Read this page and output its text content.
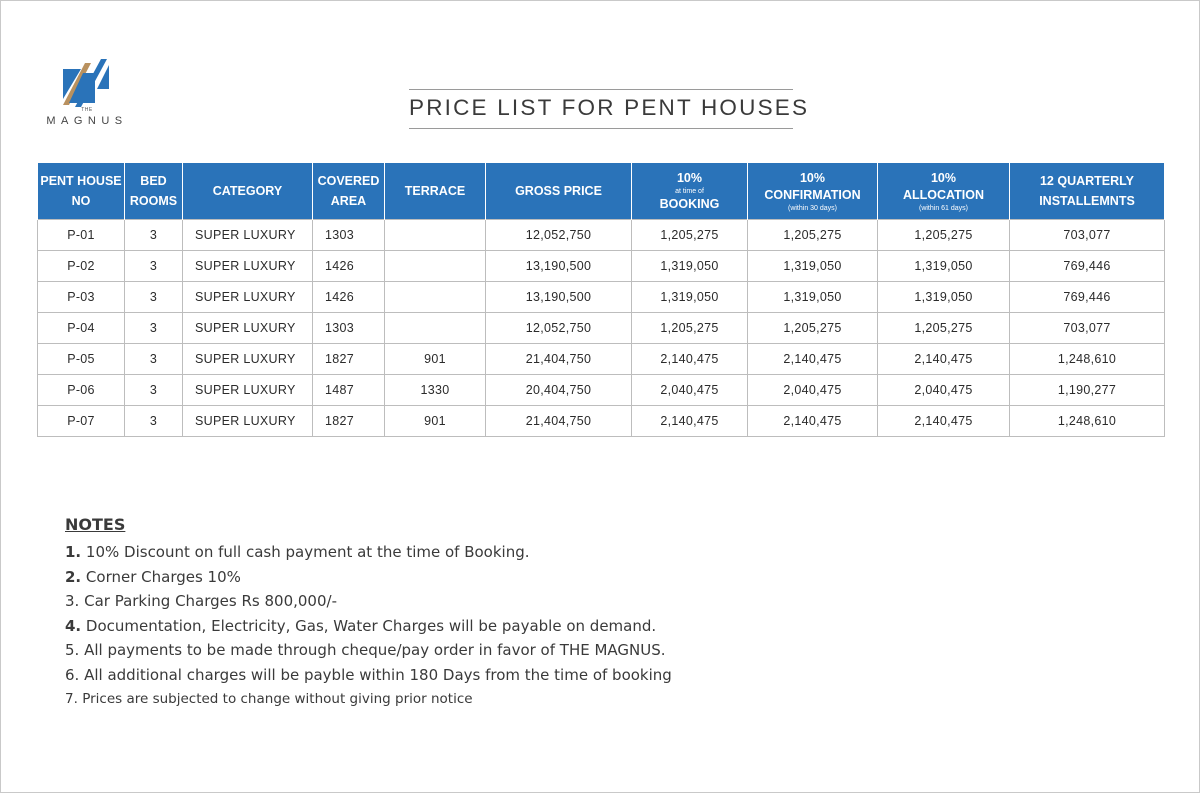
THE
MAGNUS
PRICE LIST FOR PENT HOUSES
PENT HOUSE NO	BED ROOMS	CATEGORY	COVERED AREA	TERRACE	GROSS PRICE	10%
at time of
BOOKING	10%
CONFIRMATION
(within 30 days)	10%
ALLOCATION
(within 61 days)	12 QUARTERLY INSTALLEMNTS
P-01	3	SUPER LUXURY	1303		12,052,750	1,205,275	1,205,275	1,205,275	703,077
P-02	3	SUPER LUXURY	1426		13,190,500	1,319,050	1,319,050	1,319,050	769,446
P-03	3	SUPER LUXURY	1426		13,190,500	1,319,050	1,319,050	1,319,050	769,446
P-04	3	SUPER LUXURY	1303		12,052,750	1,205,275	1,205,275	1,205,275	703,077
P-05	3	SUPER LUXURY	1827	901	21,404,750	2,140,475	2,140,475	2,140,475	1,248,610
P-06	3	SUPER LUXURY	1487	1330	20,404,750	2,040,475	2,040,475	2,040,475	1,190,277
P-07	3	SUPER LUXURY	1827	901	21,404,750	2,140,475	2,140,475	2,140,475	1,248,610
NOTES
1. 10% Discount on full cash payment at the time of Booking.
2. Corner Charges 10%
3. Car Parking Charges Rs 800,000/-
4. Documentation, Electricity, Gas, Water Charges will be payable on demand.
5. All payments to be made through cheque/pay order in favor of THE MAGNUS.
6. All additional charges will be payble within 180 Days from the time of booking
7. Prices are subjected to change without giving prior notice
